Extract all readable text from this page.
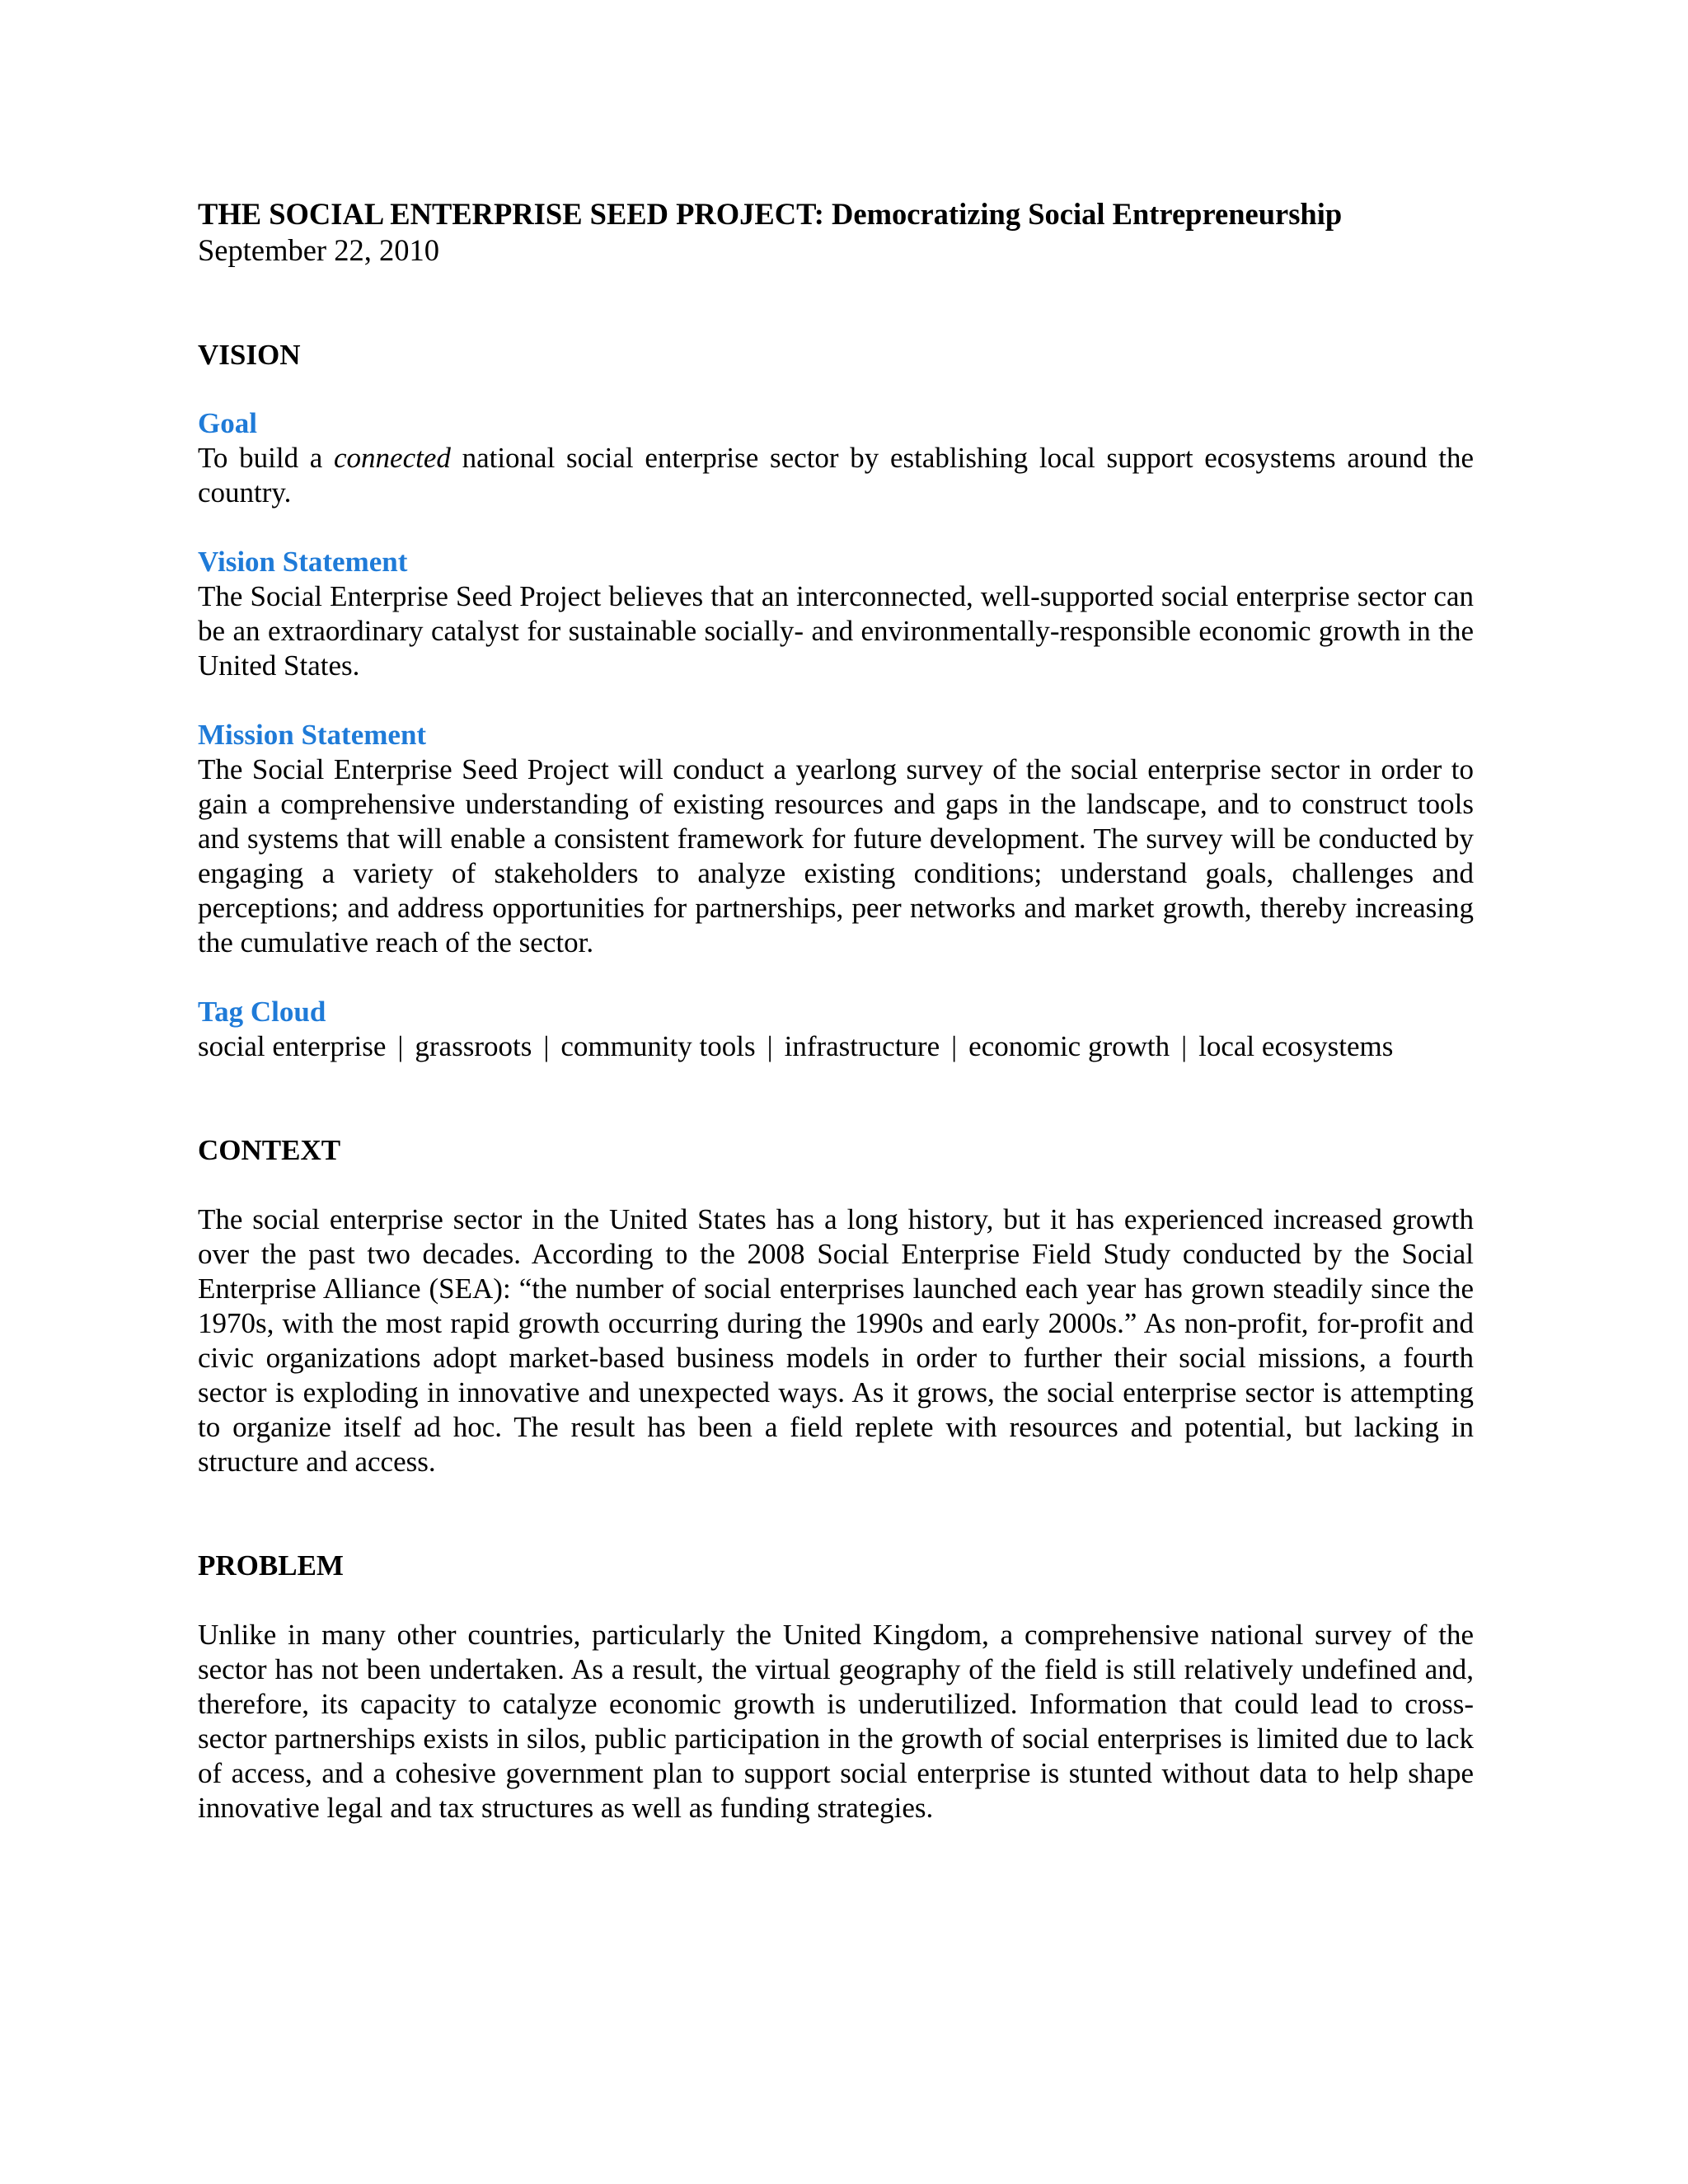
THE SOCIAL ENTERPRISE SEED PROJECT: Democratizing Social Entrepreneurship

September 22, 2010

VISION
Goal

To build a connected national social enterprise sector by establishing local support ecosystems around the country.

Vision Statement

The Social Enterprise Seed Project believes that an interconnected, well-supported social enterprise sector can be an extraordinary catalyst for sustainable socially- and environmentally-responsible economic growth in the United States.

Mission Statement

The Social Enterprise Seed Project will conduct a yearlong survey of the social enterprise sector in order to gain a comprehensive understanding of existing resources and gaps in the landscape, and to construct tools and systems that will enable a consistent framework for future development. The survey will be conducted by engaging a variety of stakeholders to analyze existing conditions; understand goals, challenges and perceptions; and address opportunities for partnerships, peer networks and market growth, thereby increasing the cumulative reach of the sector.

Tag Cloud

social enterprise | grassroots | community tools | infrastructure | economic growth | local ecosystems

CONTEXT

The social enterprise sector in the United States has a long history, but it has experienced increased growth over the past two decades. According to the 2008 Social Enterprise Field Study conducted by the Social Enterprise Alliance (SEA): “the number of social enterprises launched each year has grown steadily since the 1970s, with the most rapid growth occurring during the 1990s and early 2000s.” As non-profit, for-profit and civic organizations adopt market-based business models in order to further their social missions, a fourth sector is exploding in innovative and unexpected ways. As it grows, the social enterprise sector is attempting to organize itself ad hoc. The result has been a field replete with resources and potential, but lacking in structure and access.

PROBLEM

Unlike in many other countries, particularly the United Kingdom, a comprehensive national survey of the sector has not been undertaken. As a result, the virtual geography of the field is still relatively undefined and, therefore, its capacity to catalyze economic growth is underutilized. Information that could lead to cross-sector partnerships exists in silos, public participation in the growth of social enterprises is limited due to lack of access, and a cohesive government plan to support social enterprise is stunted without data to help shape innovative legal and tax structures as well as funding strategies.
